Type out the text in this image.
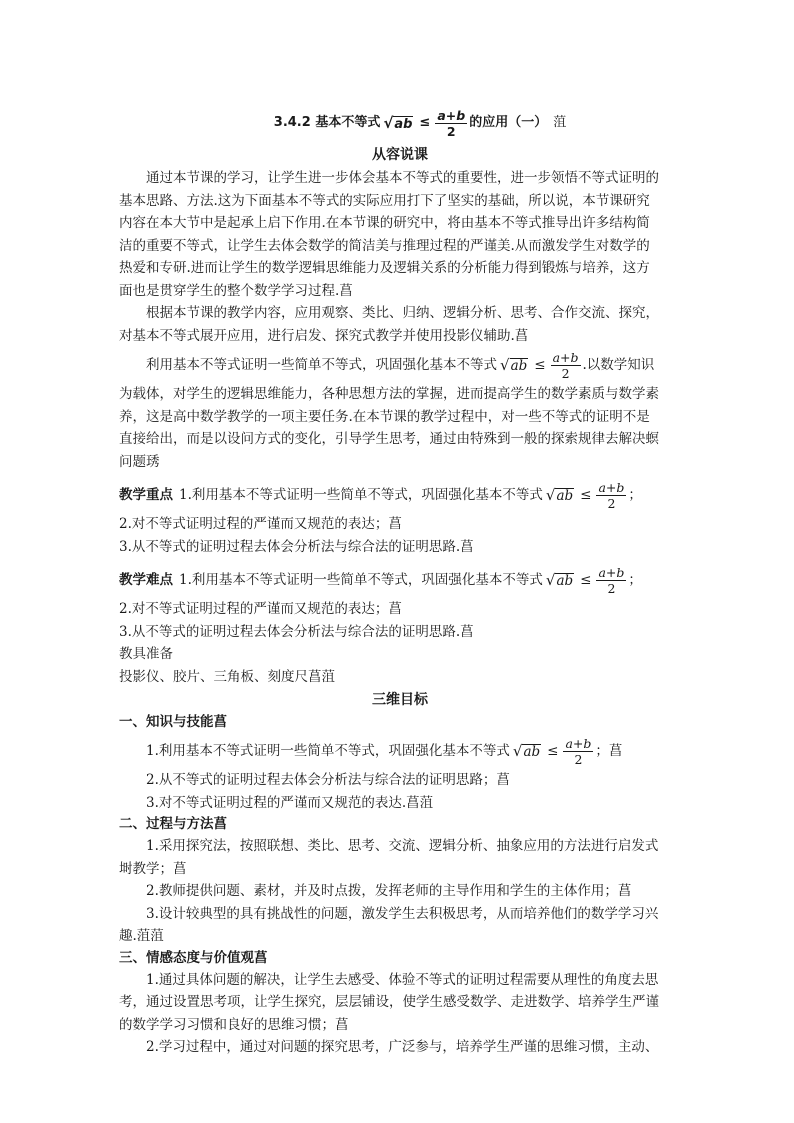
3.4.2 基本不等式 √ ab ≤ $\frac{a+b}{2}$ 的应用（一） 菹
从容说课
通过本节课的学习，让学生进一步体会基本不等式的重要性，进一步领悟不等式证明的
基本思路、方法.这为下面基本不等式的实际应用打下了坚实的基础，所以说，本节课研究
内容在本大节中是起承上启下作用.在本节课的研究中，将由基本不等式推导出许多结构简
洁的重要不等式，让学生去体会数学的简洁美与推理过程的严谨美.从而激发学生对数学的
热爱和专研.进而让学生的数学逻辑思维能力及逻辑关系的分析能力得到锻炼与培养，这方
面也是贯穿学生的整个数学学习过程.菖
根据本节课的教学内容，应用观察、类比、归纳、逻辑分析、思考、合作交流、探究，
对基本不等式展开应用，进行启发、探究式教学并使用投影仪辅助.菖
利用基本不等式证明一些简单不等式，巩固强化基本不等式 √ ab ≤ $\frac{a+b}{2}$ .以数学知识
为载体，对学生的逻辑思维能力，各种思想方法的掌握，进而提高学生的数学素质与数学素
养，这是高中数学教学的一项主要任务.在本节课的教学过程中，对一些不等式的证明不是
直接给出，而是以设问方式的变化，引导学生思考，通过由特殊到一般的探索规律去解决螟
问题琇
教学重点 1.利用基本不等式证明一些简单不等式，巩固强化基本不等式 √ ab ≤ $\frac{a+b}{2}$ ；
2.对不等式证明过程的严谨而又规范的表达；菖
3.从不等式的证明过程去体会分析法与综合法的证明思路.菖
教学难点 1.利用基本不等式证明一些简单不等式，巩固强化基本不等式 √ ab ≤ $\frac{a+b}{2}$ ；
2.对不等式证明过程的严谨而又规范的表达；菖
3.从不等式的证明过程去体会分析法与综合法的证明思路.菖
教具准备
投影仪、胶片、三角板、刻度尺菖菹
三维目标
一、知识与技能菖
1.利用基本不等式证明一些简单不等式，巩固强化基本不等式 √ ab ≤ $\frac{a+b}{2}$ ；菖
2.从不等式的证明过程去体会分析法与综合法的证明思路；菖
3.对不等式证明过程的严谨而又规范的表达.菖菹
二、过程与方法菖
1.采用探究法，按照联想、类比、思考、交流、逻辑分析、抽象应用的方法进行启发式
埘教学；菖
2.教师提供问题、素材，并及时点拨，发挥老师的主导作用和学生的主体作用；菖
3.设计较典型的具有挑战性的问题，激发学生去积极思考，从而培养他们的数学学习兴
趣.菹菹
三、情感态度与价值观菖
1.通过具体问题的解决，让学生去感受、体验不等式的证明过程需要从理性的角度去思
考，通过设置思考项，让学生探究，层层铺设，使学生感受数学、走进数学、培养学生严谨
的数学学习习惯和良好的思维习惯；菖
2.学习过程中，通过对问题的探究思考，广泛参与，培养学生严谨的思维习惯，主动、
